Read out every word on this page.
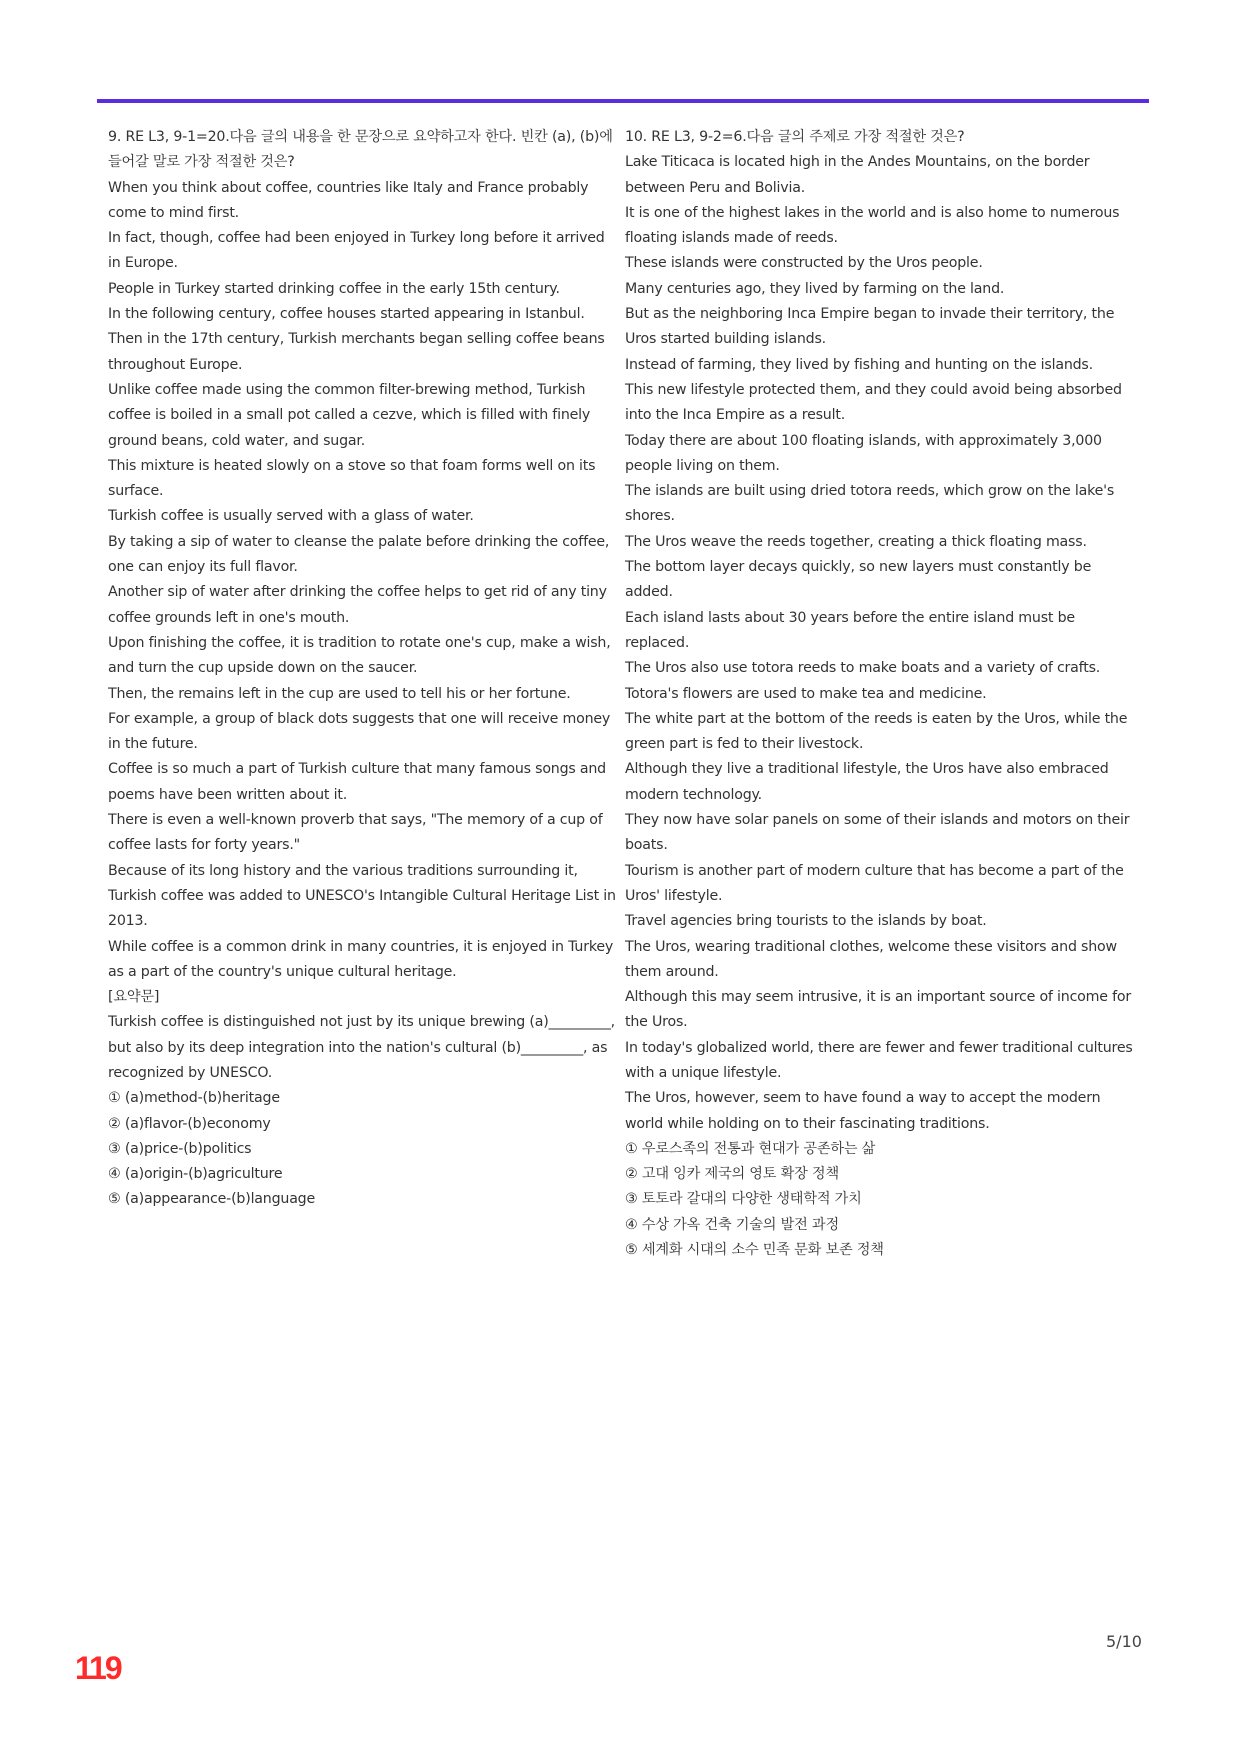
9. RE L3, 9-1=20.다음 글의 내용을 한 문장으로 요약하고자 한다. 빈칸 (a), (b)에 들어갈 말로 가장 적절한 것은?

When you think about coffee, countries like Italy and France probably come to mind first.

In fact, though, coffee had been enjoyed in Turkey long before it arrived in Europe.

People in Turkey started drinking coffee in the early 15th century.

In the following century, coffee houses started appearing in Istanbul.

Then in the 17th century, Turkish merchants began selling coffee beans throughout Europe.

Unlike coffee made using the common filter-brewing method, Turkish coffee is boiled in a small pot called a cezve, which is filled with finely ground beans, cold water, and sugar.

This mixture is heated slowly on a stove so that foam forms well on its surface.

Turkish coffee is usually served with a glass of water.

By taking a sip of water to cleanse the palate before drinking the coffee, one can enjoy its full flavor.

Another sip of water after drinking the coffee helps to get rid of any tiny coffee grounds left in one's mouth.

Upon finishing the coffee, it is tradition to rotate one's cup, make a wish, and turn the cup upside down on the saucer.

Then, the remains left in the cup are used to tell his or her fortune.

For example, a group of black dots suggests that one will receive money in the future.

Coffee is so much a part of Turkish culture that many famous songs and poems have been written about it.

There is even a well-known proverb that says, "The memory of a cup of coffee lasts for forty years."

Because of its long history and the various traditions surrounding it, Turkish coffee was added to UNESCO's Intangible Cultural Heritage List in 2013.

While coffee is a common drink in many countries, it is enjoyed in Turkey as a part of the country's unique cultural heritage.

[요약문]

Turkish coffee is distinguished not just by its unique brewing (a)_________, but also by its deep integration into the nation's cultural (b)_________, as recognized by UNESCO.

① (a)method-(b)heritage

② (a)flavor-(b)economy

③ (a)price-(b)politics

④ (a)origin-(b)agriculture

⑤ (a)appearance-(b)language

10. RE L3, 9-2=6.다음 글의 주제로 가장 적절한 것은?

Lake Titicaca is located high in the Andes Mountains, on the border between Peru and Bolivia.

It is one of the highest lakes in the world and is also home to numerous floating islands made of reeds.

These islands were constructed by the Uros people.

Many centuries ago, they lived by farming on the land.

But as the neighboring Inca Empire began to invade their territory, the Uros started building islands.

Instead of farming, they lived by fishing and hunting on the islands.

This new lifestyle protected them, and they could avoid being absorbed into the Inca Empire as a result.

Today there are about 100 floating islands, with approximately 3,000 people living on them.

The islands are built using dried totora reeds, which grow on the lake's shores.

The Uros weave the reeds together, creating a thick floating mass.

The bottom layer decays quickly, so new layers must constantly be added.

Each island lasts about 30 years before the entire island must be replaced.

The Uros also use totora reeds to make boats and a variety of crafts.

Totora's flowers are used to make tea and medicine.

The white part at the bottom of the reeds is eaten by the Uros, while the green part is fed to their livestock.

Although they live a traditional lifestyle, the Uros have also embraced modern technology.

They now have solar panels on some of their islands and motors on their boats.

Tourism is another part of modern culture that has become a part of the Uros' lifestyle.

Travel agencies bring tourists to the islands by boat.

The Uros, wearing traditional clothes, welcome these visitors and show them around.

Although this may seem intrusive, it is an important source of income for the Uros.

In today's globalized world, there are fewer and fewer traditional cultures with a unique lifestyle.

The Uros, however, seem to have found a way to accept the modern world while holding on to their fascinating traditions.

① 우로스족의 전통과 현대가 공존하는 삶

② 고대 잉카 제국의 영토 확장 정책

③ 토토라 갈대의 다양한 생태학적 가치

④ 수상 가옥 건축 기술의 발전 과정

⑤ 세계화 시대의 소수 민족 문화 보존 정책

5/10
119
